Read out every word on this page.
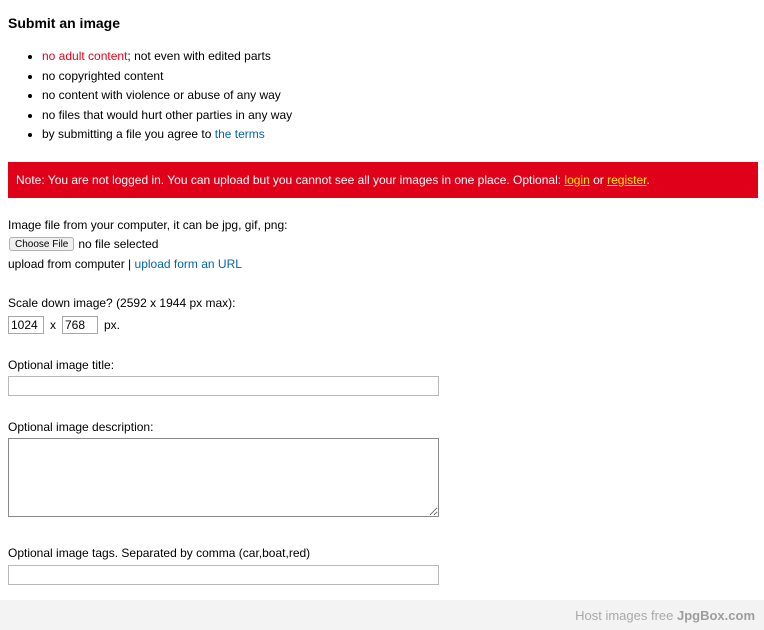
Submit an image
• no adult content; not even with edited parts
• no copyrighted content
• no content with violence or abuse of any way
• no files that would hurt other parties in any way
• by submitting a file you agree to the terms
Note: You are not logged in. You can upload but you cannot see all your images in one place. Optional: login or register.
Image file from your computer, it can be jpg, gif, png:
Choose File no file selected
upload from computer | upload form an URL
Scale down image? (2592 x 1944 px max):
1024
x
768	px.
Optional image title:
Optional image description:
Optional image tags. Separated by comma (car,boat,red)
Host images free JpgBox.com
